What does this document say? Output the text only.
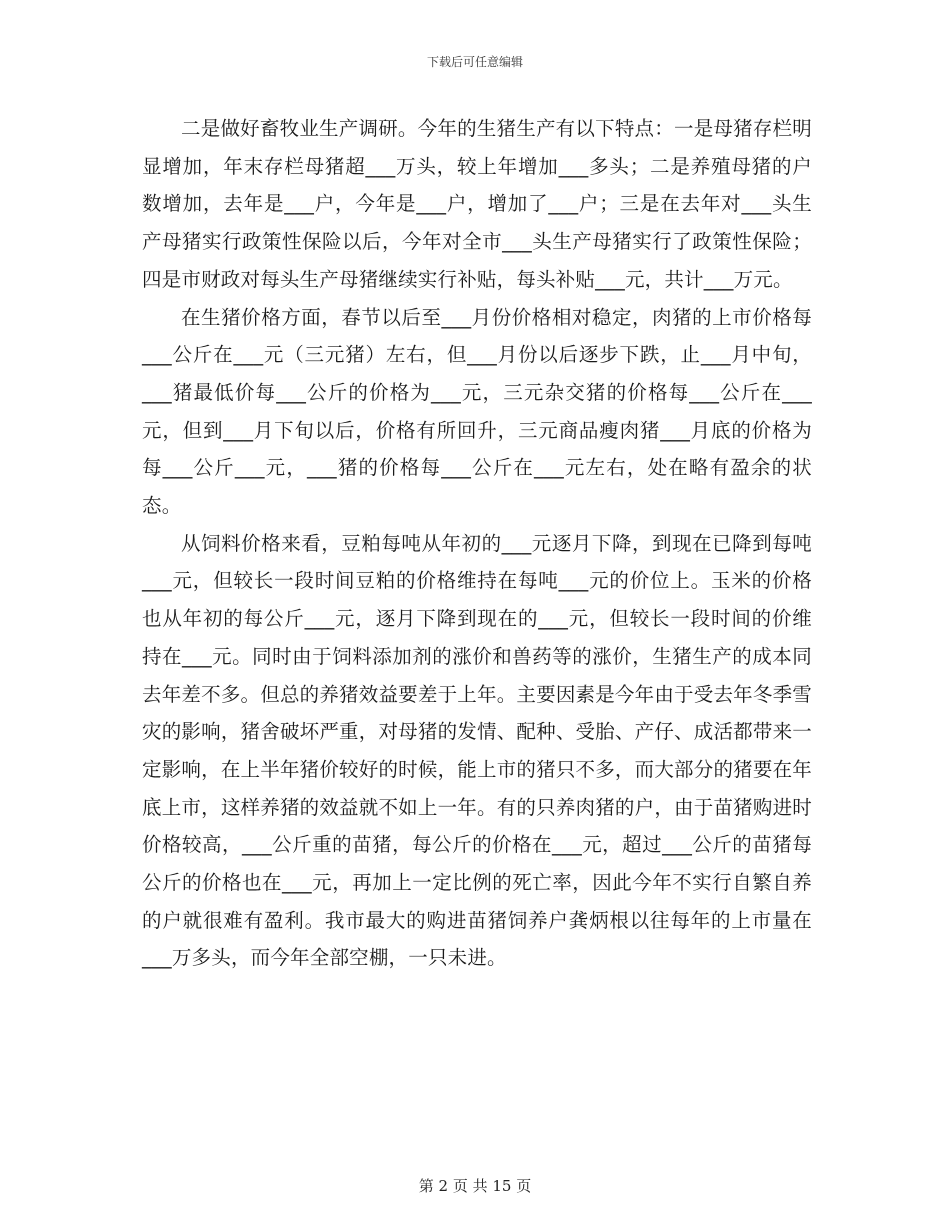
下载后可任意编辑

二是做好畜牧业生产调研。今年的生猪生产有以下特点：一是母猪存栏明显增加，年末存栏母猪超___万头，较上年增加___多头；二是养殖母猪的户数增加，去年是___户，今年是___户，增加了___户；三是在去年对___头生产母猪实行政策性保险以后，今年对全市___头生产母猪实行了政策性保险；四是市财政对每头生产母猪继续实行补贴，每头补贴___元，共计___万元。

在生猪价格方面，春节以后至___月份价格相对稳定，肉猪的上市价格每___公斤在___元（三元猪）左右，但___月份以后逐步下跌，止___月中旬，___猪最低价每___公斤的价格为___元，三元杂交猪的价格每___公斤在___元，但到___月下旬以后，价格有所回升，三元商品瘦肉猪___月底的价格为每___公斤___元，___猪的价格每___公斤在___元左右，处在略有盈余的状态。

从饲料价格来看，豆粕每吨从年初的___元逐月下降，到现在已降到每吨___元，但较长一段时间豆粕的价格维持在每吨___元的价位上。玉米的价格也从年初的每公斤___元，逐月下降到现在的___元，但较长一段时间的价维持在___元。同时由于饲料添加剂的涨价和兽药等的涨价，生猪生产的成本同去年差不多。但总的养猪效益要差于上年。主要因素是今年由于受去年冬季雪灾的影响，猪舍破坏严重，对母猪的发情、配种、受胎、产仔、成活都带来一定影响，在上半年猪价较好的时候，能上市的猪只不多，而大部分的猪要在年底上市，这样养猪的效益就不如上一年。有的只养肉猪的户，由于苗猪购进时价格较高，___公斤重的苗猪，每公斤的价格在___元，超过___公斤的苗猪每公斤的价格也在___元，再加上一定比例的死亡率，因此今年不实行自繁自养的户就很难有盈利。我市最大的购进苗猪饲养户龚炳根以往每年的上市量在___万多头，而今年全部空棚，一只未进。

第 2 页 共 15 页
